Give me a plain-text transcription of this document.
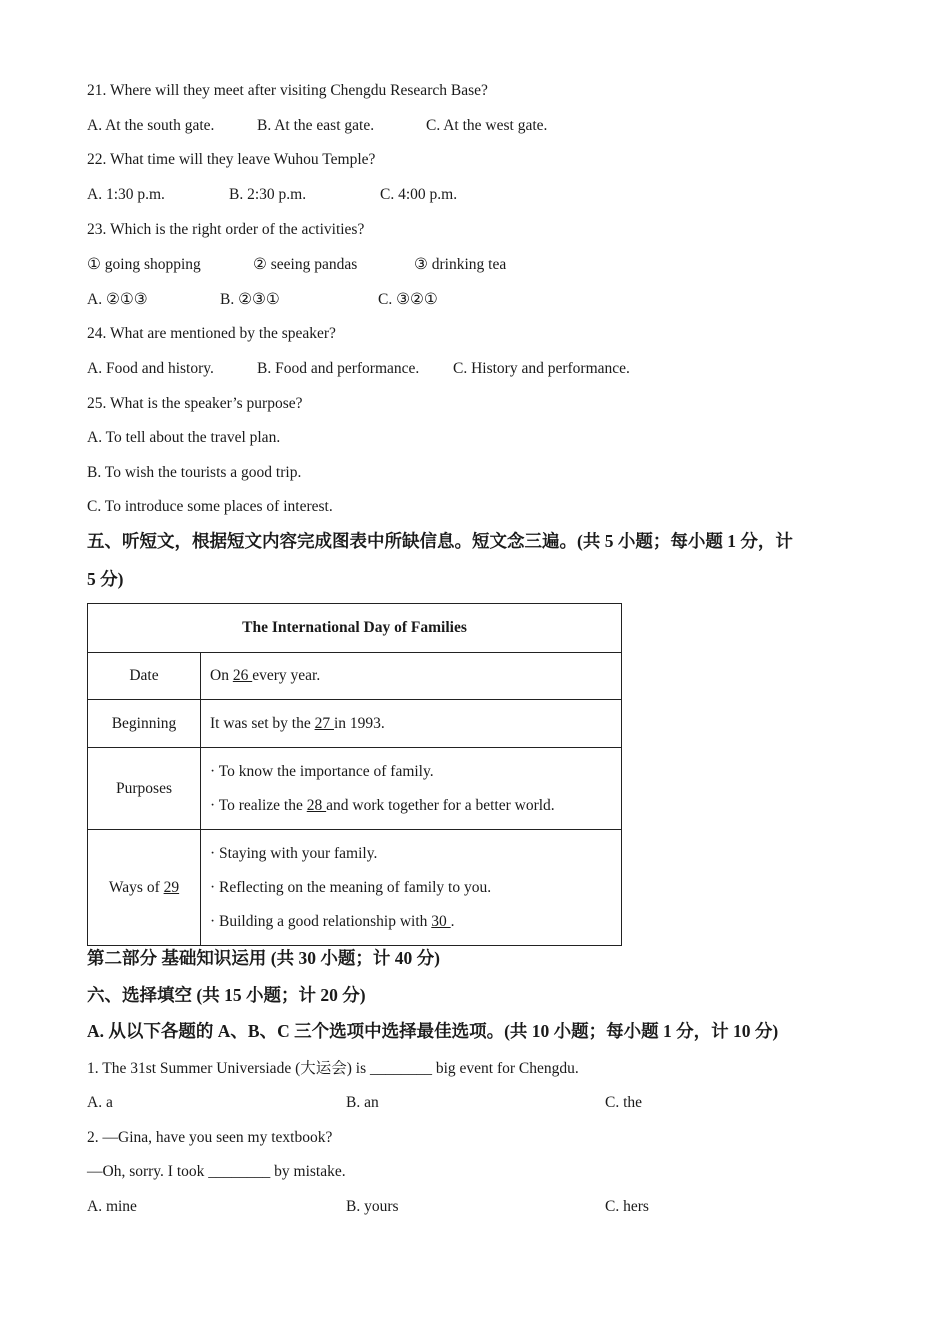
21. Where will they meet after visiting Chengdu Research Base?
A. At the south gate.	B. At the east gate.	C. At the west gate.
22. What time will they leave Wuhou Temple?
A. 1:30 p.m.	B. 2:30 p.m.	C. 4:00 p.m.
23. Which is the right order of the activities?
① going shopping	② seeing pandas	③ drinking tea
A. ②①③	B. ②③①	C. ③②①
24. What are mentioned by the speaker?
A. Food and history.	B. Food and performance. C. History and performance.
25. What is the speaker’s purpose?
A. To tell about the travel plan.
B. To wish the tourists a good trip.
C. To introduce some places of interest.
五、听短文，根据短文内容完成图表中所缺信息。短文念三遍。(共 5 小题；每小题 1 分，计
5 分)
The International Day of Families	
Date	On 26 every year.
Beginning	It was set by the 27 in 1993.
Purposes	· To know the importance of family.
· To realize the 28 and work together for a better world.

Ways of 29	· Staying with your family.
· Reflecting on the meaning of family to you.
· Building a good relationship with 30 .
第二部分 基础知识运用 (共 30 小题；计 40 分)
六、选择填空 (共 15 小题；计 20 分)
A. 从以下各题的 A、B、C 三个选项中选择最佳选项。(共 10 小题；每小题 1 分，计 10 分)
1. The 31st Summer Universiade (大运会) is ________ big event for Chengdu.
A. a	B. an	C. the
2. —Gina, have you seen my textbook?
—Oh, sorry. I took ________ by mistake.
A. mine	B. yours	C. hers
